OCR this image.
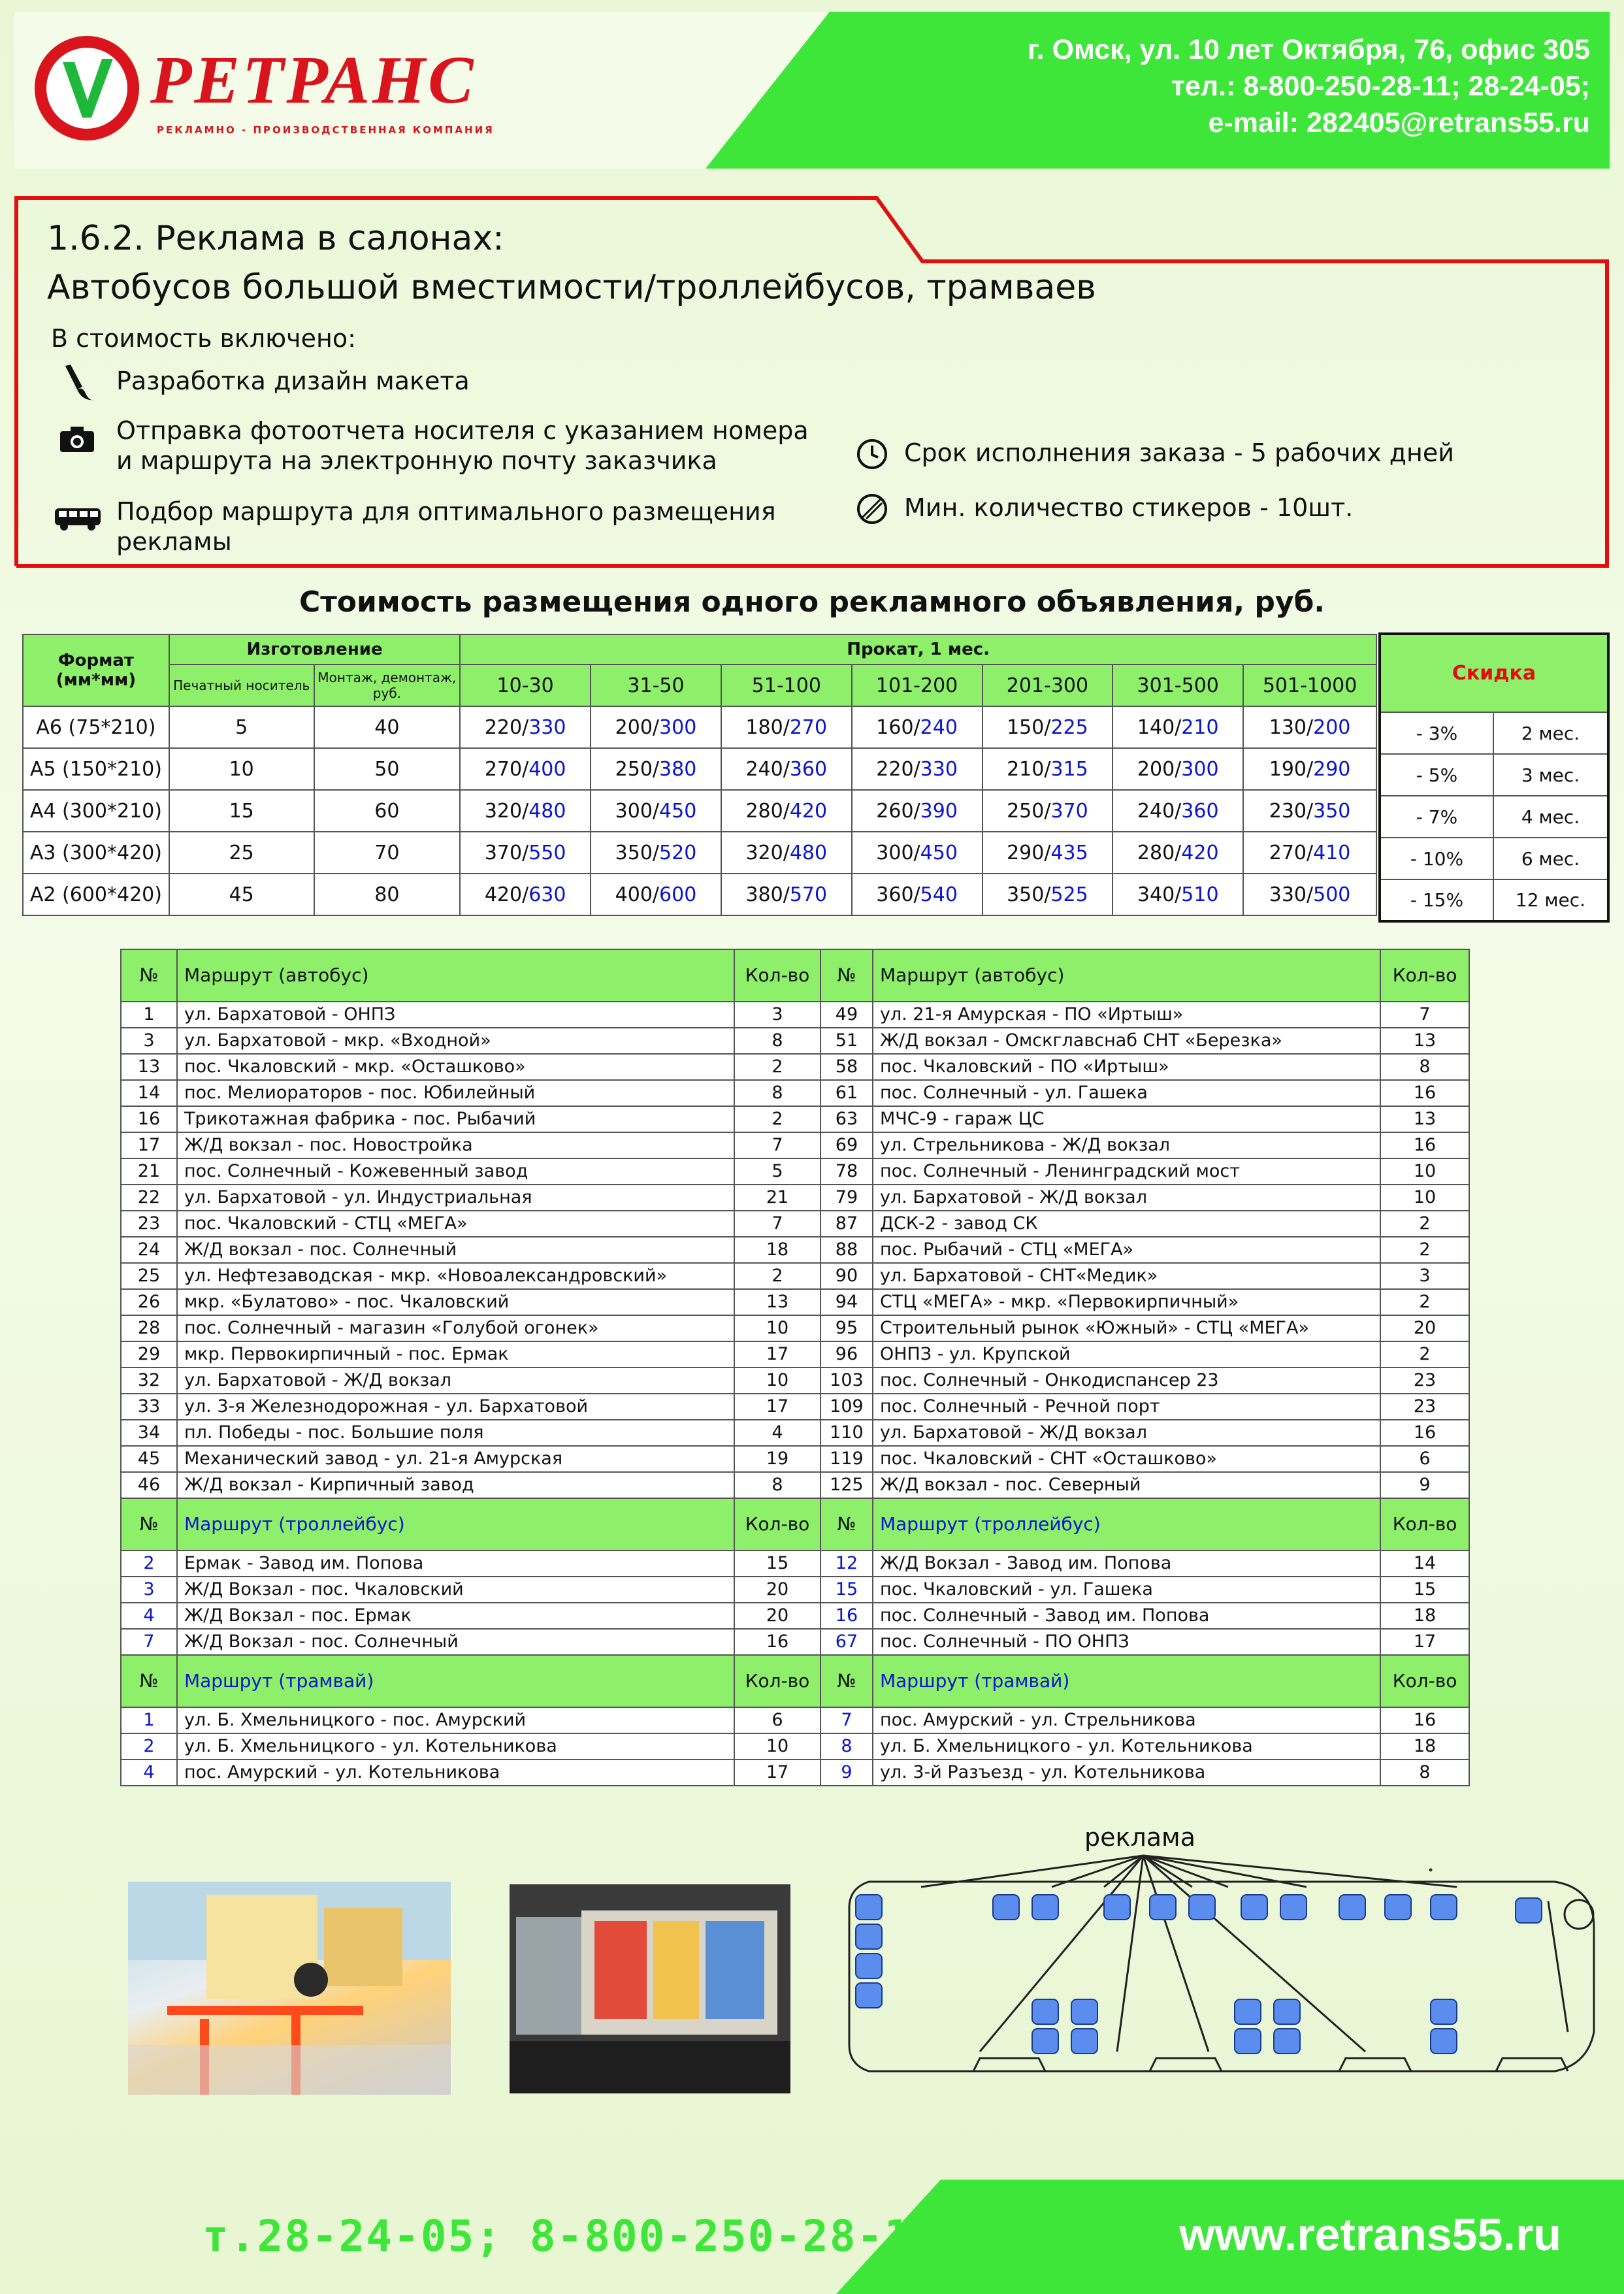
РЕТРАНС
РЕКЛАМНО - ПРОИЗВОДСТВЕННАЯ КОМПАНИЯ
г. Омск, ул. 10 лет Октября, 76, офис 305
тел.: 8-800-250-28-11; 28-24-05;
e-mail: 282405@retrans55.ru
1.6.2. Реклама в салонах:
Автобусов большой вместимости/троллейбусов, трамваев
В стоимость включено:
Разработка дизайн макета
Отправка фотоотчета носителя с указанием номера
и маршрута на электронную почту заказчика
Подбор маршрута для оптимального размещения
рекламы
Срок исполнения заказа - 5 рабочих дней
Мин. количество стикеров - 10шт.
Стоимость размещения одного рекламного объявления, руб.
Формат (мм*мм)	Изготовление		Прокат, 1 мес.						
	Печатный носитель	Монтаж, демонтаж, руб.	10-30	31-50	51-100	101-200	201-300	301-500	501-1000
А6 (75*210)	5	40	220/330	200/300	180/270	160/240	150/225	140/210	130/200
А5 (150*210)	10	50	270/400	250/380	240/360	220/330	210/315	200/300	190/290
А4 (300*210)	15	60	320/480	300/450	280/420	260/390	250/370	240/360	230/350
А3 (300*420)	25	70	370/550	350/520	320/480	300/450	290/435	280/420	270/410
А2 (600*420)	45	80	420/630	400/600	380/570	360/540	350/525	340/510	330/500
Скидка	
- 3%	2 мес.
- 5%	3 мес.
- 7%	4 мес.
- 10%	6 мес.
- 15%	12 мес.
№	Маршрут (автобус)	Кол-во	№	Маршрут (автобус)	Кол-во
1	ул. Бархатовой - ОНПЗ	3	49	ул. 21-я Амурская - ПО «Иртыш»	7
3	ул. Бархатовой - мкр. «Входной»	8	51	Ж/Д вокзал - Омскглавснаб СНТ «Березка»	13
13	пос. Чкаловский - мкр. «Осташково»	2	58	пос. Чкаловский - ПО «Иртыш»	8
14	пос. Мелиораторов - пос. Юбилейный	8	61	пос. Солнечный - ул. Гашека	16
16	Трикотажная фабрика - пос. Рыбачий	2	63	МЧС-9 - гараж ЦС	13
17	Ж/Д вокзал - пос. Новостройка	7	69	ул. Стрельникова - Ж/Д вокзал	16
21	пос. Солнечный - Кожевенный завод	5	78	пос. Солнечный - Ленинградский мост	10
22	ул. Бархатовой - ул. Индустриальная	21	79	ул. Бархатовой - Ж/Д вокзал	10
23	пос. Чкаловский - СТЦ «МЕГА»	7	87	ДСК-2 - завод СК	2
24	Ж/Д вокзал - пос. Солнечный	18	88	пос. Рыбачий - СТЦ «МЕГА»	2
25	ул. Нефтезаводская - мкр. «Новоалександровский»	2	90	ул. Бархатовой - СНТ«Медик»	3
26	мкр. «Булатово» - пос. Чкаловский	13	94	СТЦ «МЕГА» - мкр. «Первокирпичный»	2
28	пос. Солнечный - магазин «Голубой огонек»	10	95	Строительный рынок «Южный» - СТЦ «МЕГА»	20
29	мкр. Первокирпичный - пос. Ермак	17	96	ОНПЗ - ул. Крупской	2
32	ул. Бархатовой - Ж/Д вокзал	10	103	пос. Солнечный - Онкодиспансер 23	23
33	ул. 3-я Железнодорожная - ул. Бархатовой	17	109	пос. Солнечный - Речной порт	23
34	пл. Победы - пос. Большие поля	4	110	ул. Бархатовой - Ж/Д вокзал	16
45	Механический завод - ул. 21-я Амурская	19	119	пос. Чкаловский - СНТ «Осташково»	6
46	Ж/Д вокзал - Кирпичный завод	8	125	Ж/Д вокзал - пос. Северный	9
№	Маршрут (троллейбус)	Кол-во	№	Маршрут (троллейбус)	Кол-во
2	Ермак - Завод им. Попова	15	12	Ж/Д Вокзал - Завод им. Попова	14
3	Ж/Д Вокзал - пос. Чкаловский	20	15	пос. Чкаловский - ул. Гашека	15
4	Ж/Д Вокзал - пос. Ермак	20	16	пос. Солнечный - Завод им. Попова	18
7	Ж/Д Вокзал - пос. Солнечный	16	67	пос. Солнечный - ПО ОНПЗ	17
№	Маршрут (трамвай)	Кол-во	№	Маршрут (трамвай)	Кол-во
1	ул. Б. Хмельницкого - пос. Амурский	6	7	пос. Амурский - ул. Стрельникова	16
2	ул. Б. Хмельницкого - ул. Котельникова	10	8	ул. Б. Хмельницкого - ул. Котельникова	18
4	пос. Амурский - ул. Котельникова	17	9	ул. 3-й Разъезд - ул. Котельникова	8
реклама
т.28-24-05; 8-800-250-28-11	www.retrans55.ru
